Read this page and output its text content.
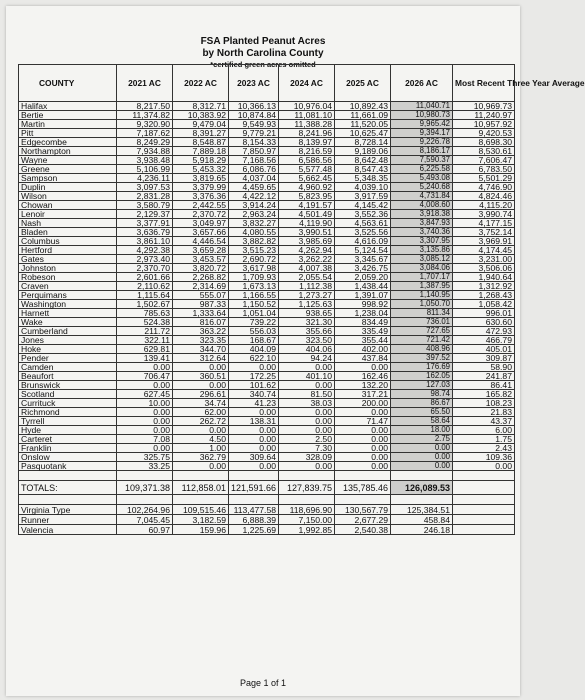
FSA Planted Peanut Acres
by North Carolina County
*certified green acres omitted
COUNTY	2021 AC	2022 AC	2023 AC	2024 AC	2025 AC	2026 AC	Most Recent Three Year Average
Halifax	8,217.50	8,312.71	10,366.13	10,976.04	10,892.43	11,040.71	10,969.73
Bertie	11,374.82	10,383.92	10,874.84	11,081.10	11,661.09	10,980.73	11,240.97
Martin	9,320.90	9,479.04	9,549.93	11,388.28	11,520.05	9,965.42	10,957.92
Pitt	7,187.62	8,391.27	9,779.21	8,241.96	10,625.47	9,394.17	9,420.53
Edgecombe	8,249.29	8,548.87	8,154.33	8,139.97	8,728.14	9,226.78	8,698.30
Northampton	7,934.88	7,889.18	7,850.97	8,216.59	9,189.06	8,186.17	8,530.61
Wayne	3,938.48	5,918.29	7,168.56	6,586.56	8,642.48	7,590.37	7,606.47
Greene	5,106.99	5,453.32	6,086.76	5,577.48	8,547.43	6,225.58	6,783.50
Sampson	4,236.11	3,819.65	4,037.04	5,662.45	5,348.35	5,493.08	5,501.29
Duplin	3,097.53	3,379.99	4,459.65	4,960.92	4,039.10	5,240.68	4,746.90
Wilson	2,831.28	3,376.36	4,422.12	5,823.95	3,917.59	4,731.84	4,824.46
Chowan	3,580.79	2,442.55	3,914.24	4,191.57	4,145.42	4,008.60	4,115.20
Lenoir	2,129.37	2,370.72	2,963.24	4,501.49	3,552.36	3,918.38	3,990.74
Nash	3,377.91	3,049.97	3,832.27	4,119.90	4,563.61	3,847.93	4,177.15
Bladen	3,636.79	3,657.66	4,080.55	3,990.51	3,525.56	3,740.36	3,752.14
Columbus	3,861.10	4,446.54	3,882.82	3,985.69	4,616.09	3,307.95	3,969.91
Hertford	4,292.38	3,659.28	3,515.23	4,262.94	5,124.54	3,135.86	4,174.45
Gates	2,973.40	3,453.57	2,690.72	3,262.22	3,345.67	3,085.12	3,231.00
Johnston	2,370.70	3,820.72	3,617.98	4,007.38	3,426.75	3,084.06	3,506.06
Robeson	2,601.66	2,268.82	1,709.93	2,055.54	2,059.20	1,707.17	1,940.64
Craven	2,110.62	2,314.69	1,673.13	1,112.38	1,438.44	1,387.95	1,312.92
Perquimans	1,115.64	555.07	1,166.55	1,273.27	1,391.07	1,140.95	1,268.43
Washington	1,502.67	987.33	1,150.52	1,125.63	998.92	1,050.70	1,058.42
Harnett	785.63	1,333.64	1,051.04	938.65	1,238.04	811.34	996.01
Wake	524.38	816.07	739.22	321.30	834.49	736.01	630.60
Cumberland	211.72	363.22	556.03	355.66	335.49	727.65	472.93
Jones	322.11	323.35	168.67	323.50	355.44	721.42	466.79
Hoke	629.81	344.70	404.09	404.06	402.00	408.96	405.01
Pender	139.41	312.64	622.10	94.24	437.84	397.52	309.87
Camden	0.00	0.00	0.00	0.00	0.00	176.69	58.90
Beaufort	706.47	360.51	172.25	401.10	162.46	162.05	241.87
Brunswick	0.00	0.00	101.62	0.00	132.20	127.03	86.41
Scotland	627.45	296.61	340.74	81.50	317.21	98.74	165.82
Currituck	10.00	34.74	41.23	38.03	200.00	86.67	108.23
Richmond	0.00	62.00	0.00	0.00	0.00	65.50	21.83
Tyrrell	0.00	262.72	138.31	0.00	71.47	58.64	43.37
Hyde	0.00	0.00	0.00	0.00	0.00	18.00	6.00
Carteret	7.08	4.50	0.00	2.50	0.00	2.75	1.75
Franklin	0.00	1.00	0.00	7.30	0.00	0.00	2.43
Onslow	325.75	362.79	309.64	328.09	0.00	0.00	109.36
Pasquotank	33.25	0.00	0.00	0.00	0.00	0.00	0.00

TOTALS:	109,371.38	112,858.01	121,591.66	127,839.75	135,785.46	126,089.53	

Virginia Type	102,264.96	109,515.46	113,477.58	118,696.90	130,567.79	125,384.51	
Runner	7,045.45	3,182.59	6,888.39	7,150.00	2,677.29	458.84	
Valencia	60.97	159.96	1,225.69	1,992.85	2,540.38	246.18	
Page 1 of 1
